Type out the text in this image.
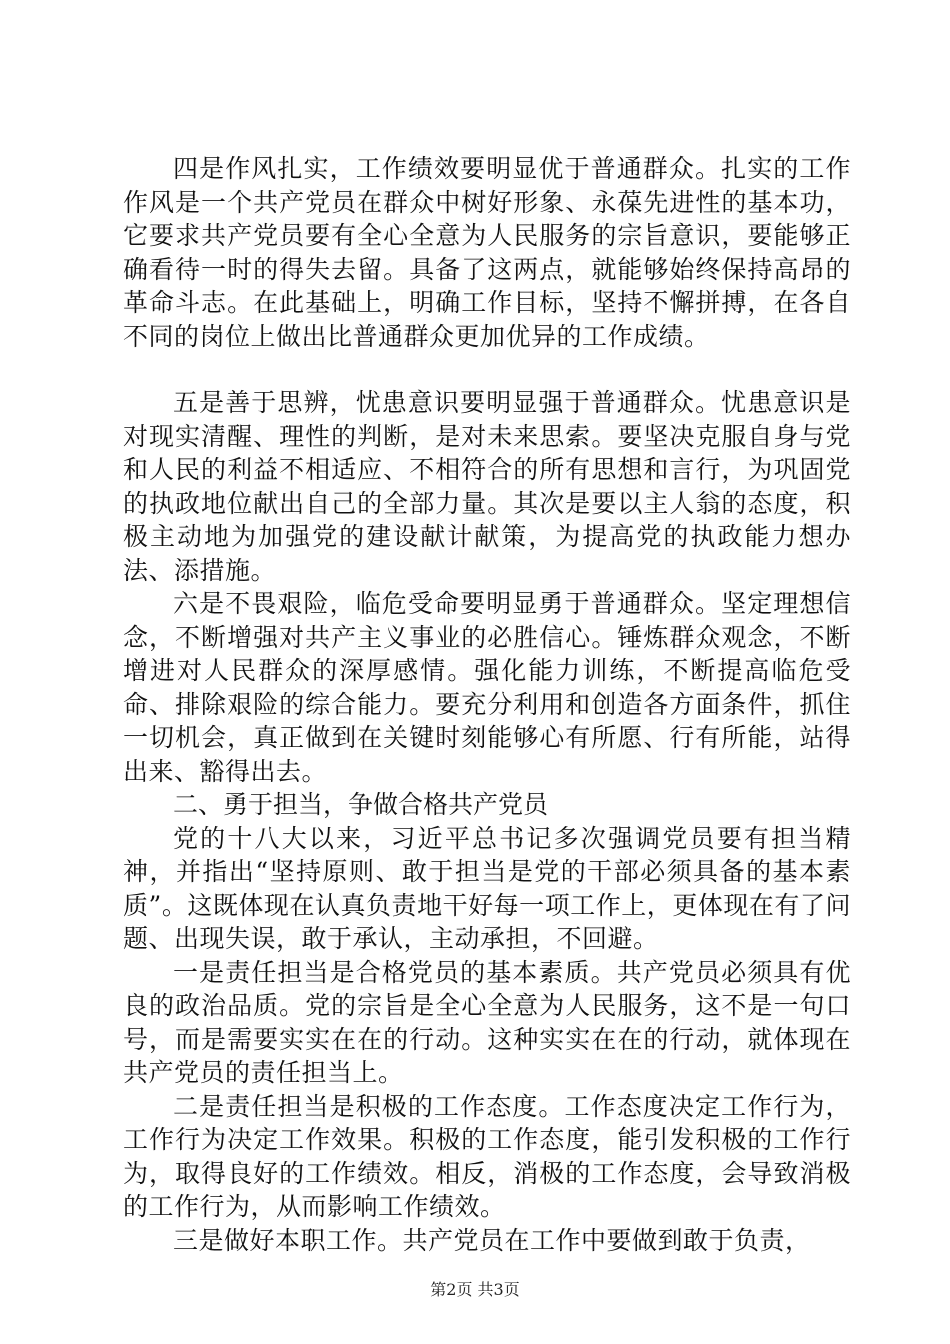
四是作风扎实，工作绩效要明显优于普通群众。扎实的工作作风是一个共产党员在群众中树好形象、永葆先进性的基本功，它要求共产党员要有全心全意为人民服务的宗旨意识，要能够正确看待一时的得失去留。具备了这两点，就能够始终保持高昂的革命斗志。在此基础上，明确工作目标，坚持不懈拼搏，在各自不同的岗位上做出比普通群众更加优异的工作成绩。

五是善于思辨，忧患意识要明显强于普通群众。忧患意识是对现实清醒、理性的判断，是对未来思索。要坚决克服自身与党和人民的利益不相适应、不相符合的所有思想和言行，为巩固党的执政地位献出自己的全部力量。其次是要以主人翁的态度，积极主动地为加强党的建设献计献策，为提高党的执政能力想办法、添措施。

六是不畏艰险，临危受命要明显勇于普通群众。坚定理想信念，不断增强对共产主义事业的必胜信心。锤炼群众观念，不断增进对人民群众的深厚感情。强化能力训练，不断提高临危受命、排除艰险的综合能力。要充分利用和创造各方面条件，抓住一切机会，真正做到在关键时刻能够心有所愿、行有所能，站得出来、豁得出去。

二、勇于担当，争做合格共产党员

党的十八大以来，习近平总书记多次强调党员要有担当精神，并指出“坚持原则、敢于担当是党的干部必须具备的基本素质”。这既体现在认真负责地干好每一项工作上，更体现在有了问题、出现失误，敢于承认，主动承担，不回避。

一是责任担当是合格党员的基本素质。共产党员必须具有优良的政治品质。党的宗旨是全心全意为人民服务，这不是一句口号，而是需要实实在在的行动。这种实实在在的行动，就体现在共产党员的责任担当上。

二是责任担当是积极的工作态度。工作态度决定工作行为，工作行为决定工作效果。积极的工作态度，能引发积极的工作行为，取得良好的工作绩效。相反，消极的工作态度，会导致消极的工作行为，从而影响工作绩效。

三是做好本职工作。共产党员在工作中要做到敢于负责，

第2页 共3页
